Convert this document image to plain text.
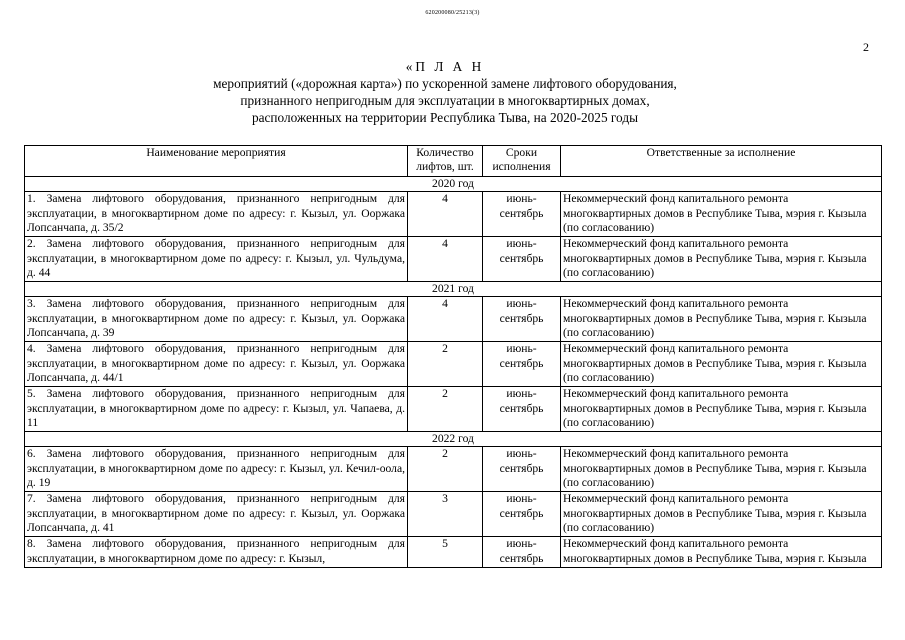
620200080/25213(3)
2
«П Л А Н
мероприятий («дорожная карта») по ускоренной замене лифтового оборудования,
признанного непригодным для эксплуатации в многоквартирных домах,
расположенных на территории Республика Тыва, на 2020-2025 годы
Наименование мероприятия	Количество лифтов, шт.	Сроки исполнения	Ответственные за исполнение
2020 год			
1. Замена лифтового оборудования, признанного непригодным для эксплуатации, в многоквартирном доме по адресу: г. Кызыл, ул. Ооржака Лопсанчапа, д. 35/2	4	июнь-сентябрь	Некоммерческий фонд капитального ремонта многоквартирных домов в Республике Тыва, мэрия г. Кызыла (по согласованию)
2. Замена лифтового оборудования, признанного непригодным для эксплуатации, в многоквартирном доме по адресу: г. Кызыл, ул. Чульдума, д. 44	4	июнь-сентябрь	Некоммерческий фонд капитального ремонта многоквартирных домов в Республике Тыва, мэрия г. Кызыла (по согласованию)
2021 год			
3. Замена лифтового оборудования, признанного непригодным для эксплуатации, в многоквартирном доме по адресу: г. Кызыл, ул. Ооржака Лопсанчапа, д. 39	4	июнь-сентябрь	Некоммерческий фонд капитального ремонта многоквартирных домов в Республике Тыва, мэрия г. Кызыла (по согласованию)
4. Замена лифтового оборудования, признанного непригодным для эксплуатации, в многоквартирном доме по адресу: г. Кызыл, ул. Ооржака Лопсанчапа, д. 44/1	2	июнь-сентябрь	Некоммерческий фонд капитального ремонта многоквартирных домов в Республике Тыва, мэрия г. Кызыла (по согласованию)
5. Замена лифтового оборудования, признанного непригодным для эксплуатации, в многоквартирном доме по адресу: г. Кызыл, ул. Чапаева, д. 11	2	июнь-сентябрь	Некоммерческий фонд капитального ремонта многоквартирных домов в Республике Тыва, мэрия г. Кызыла (по согласованию)
2022 год			
6. Замена лифтового оборудования, признанного непригодным для эксплуатации, в многоквартирном доме по адресу: г. Кызыл, ул. Кечил-оола, д. 19	2	июнь-сентябрь	Некоммерческий фонд капитального ремонта многоквартирных домов в Республике Тыва, мэрия г. Кызыла (по согласованию)
7. Замена лифтового оборудования, признанного непригодным для эксплуатации, в многоквартирном доме по адресу: г. Кызыл, ул. Ооржака Лопсанчапа, д. 41	3	июнь-сентябрь	Некоммерческий фонд капитального ремонта многоквартирных домов в Республике Тыва, мэрия г. Кызыла (по согласованию)
8. Замена лифтового оборудования, признанного непригодным для эксплуатации, в многоквартирном доме по адресу: г. Кызыл,	5	июнь-сентябрь	Некоммерческий фонд капитального ремонта многоквартирных домов в Республике Тыва, мэрия г. Кызыла
